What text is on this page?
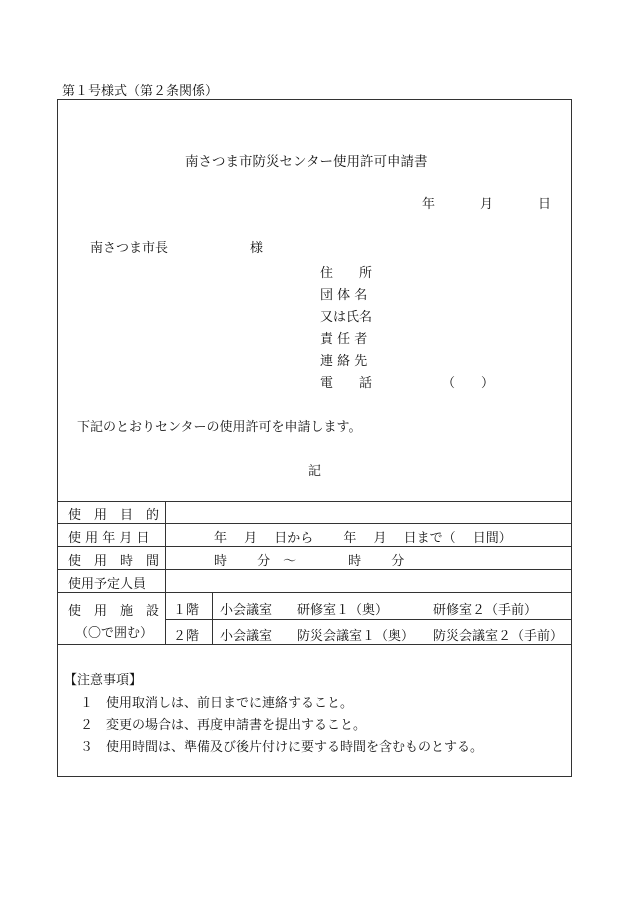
第１号様式（第２条関係）
南さつま市防災センター使用許可申請書
年	月	日
南さつま市長	様
住　　所
団 体 名
又は氏名
責 任 者
連 絡 先
電　　話	（　　）
下記のとおりセンターの使用許可を申請します。
記
使　用　目　的
使 用 年 月 日	年　 月　 日から　　 年　 月　 日まで（　 日間）
使　用　時　間	時　　 分　～　　　　時　　 分
使用予定人員
使　用　施　設
（〇で囲む）
１階 小会議室 研修室１（奥）	研修室２（手前）
２階 小会議室 防災会議室１（奥） 防災会議室２（手前）
【注意事項】
１ 使用取消しは、前日までに連絡すること。
２ 変更の場合は、再度申請書を提出すること。
３ 使用時間は、準備及び後片付けに要する時間を含むものとする。
